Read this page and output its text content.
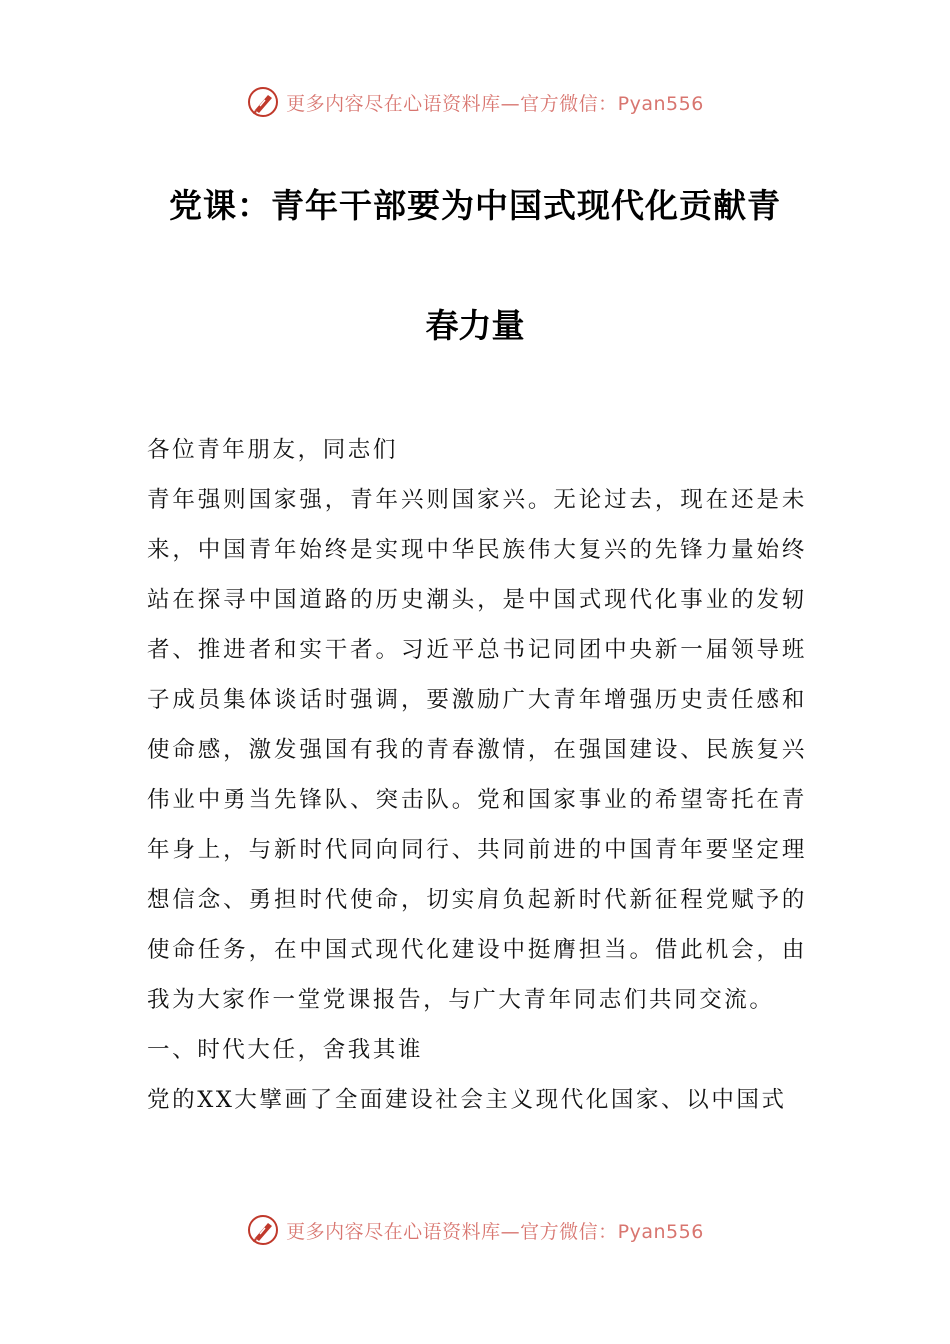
更多内容尽在心语资料库—官方微信：Pyan556
党课：青年干部要为中国式现代化贡献青
春力量

各位青年朋友，同志们

青年强则国家强，青年兴则国家兴。无论过去，现在还是未来，中国青年始终是实现中华民族伟大复兴的先锋力量始终站在探寻中国道路的历史潮头，是中国式现代化事业的发轫者、推进者和实干者。习近平总书记同团中央新一届领导班子成员集体谈话时强调，要激励广大青年增强历史责任感和使命感，激发强国有我的青春激情，在强国建设、民族复兴伟业中勇当先锋队、突击队。党和国家事业的希望寄托在青年身上，与新时代同向同行、共同前进的中国青年要坚定理想信念、勇担时代使命，切实肩负起新时代新征程党赋予的使命任务，在中国式现代化建设中挺膺担当。借此机会，由我为大家作一堂党课报告，与广大青年同志们共同交流。

一、时代大任，舍我其谁

党的XX大擘画了全面建设社会主义现代化国家、以中国式

更多内容尽在心语资料库—官方微信：Pyan556
